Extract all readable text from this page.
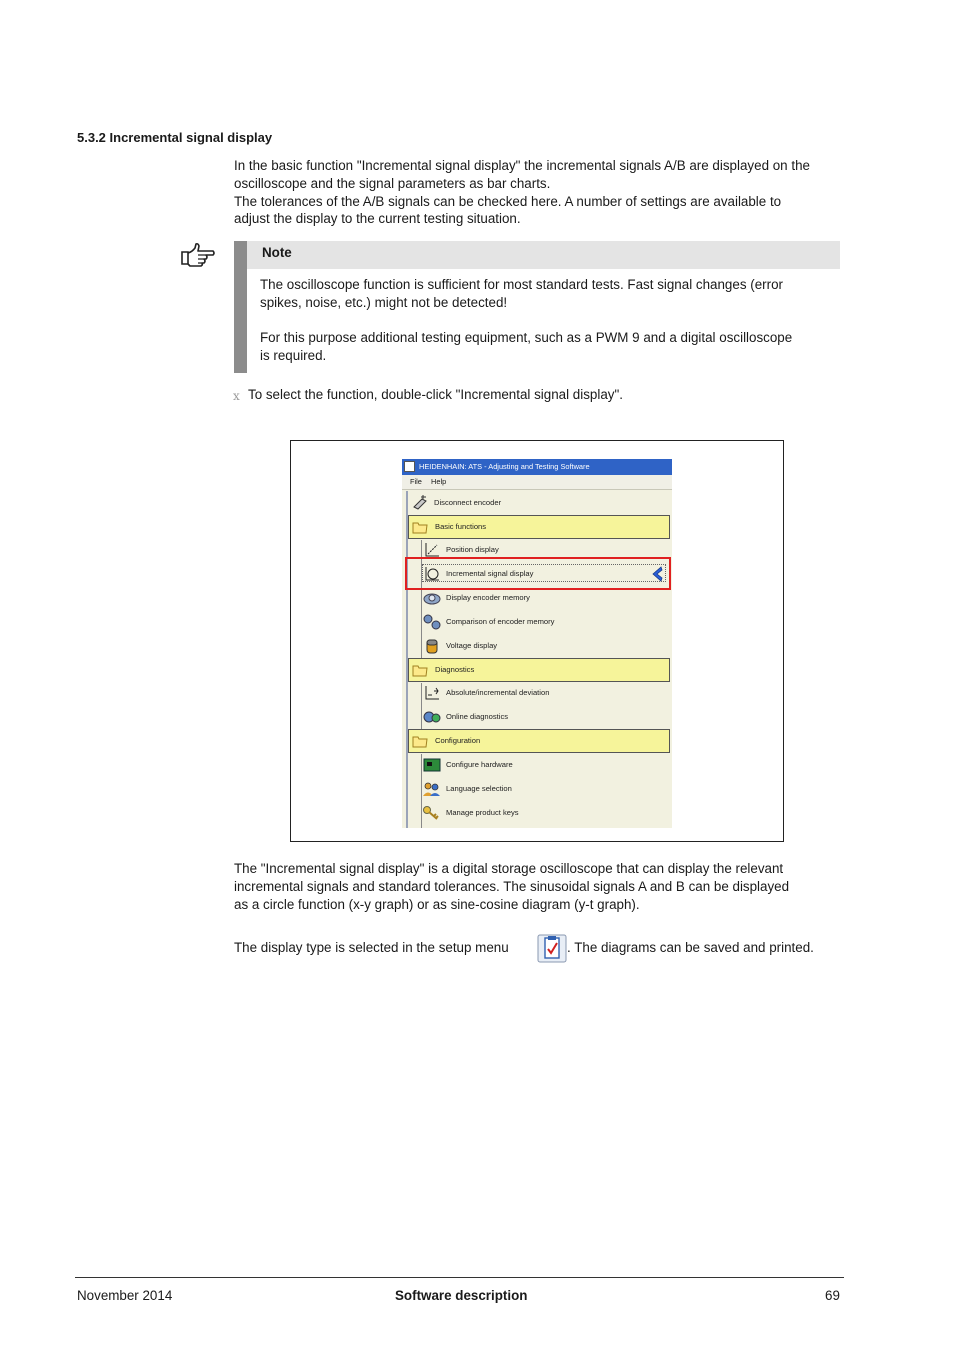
5.3.2 Incremental signal display

In the basic function "Incremental signal display" the incremental signals A/B are displayed on the

oscilloscope and the signal parameters as bar charts.

The tolerances of the A/B signals can be checked here. A number of settings are available to

adjust the display to the current testing situation.

Note
The oscilloscope function is sufficient for most standard tests. Fast signal changes (error
spikes, noise, etc.) might not be detected!
For this purpose additional testing equipment, such as a PWM 9 and a digital oscilloscope
is required.
x To select the function, double-click "Incremental signal display".
HEIDENHAIN: ATS - Adjusting and Testing Software
File Help
Disconnect encoder
Basic functions
Position display
Incremental signal display
Display encoder memory
Comparison of encoder memory
Voltage display
Diagnostics
Absolute/incremental deviation
Online diagnostics
Configuration
Configure hardware
Language selection
Manage product keys

The "Incremental signal display" is a digital storage oscilloscope that can display the relevant

incremental signals and standard tolerances. The sinusoidal signals A and B can be displayed

as a circle function (x-y graph) or as sine-cosine diagram (y-t graph).

The display type is selected in the setup menu	. The diagrams can be saved and printed.
November 2014	Software description	69
